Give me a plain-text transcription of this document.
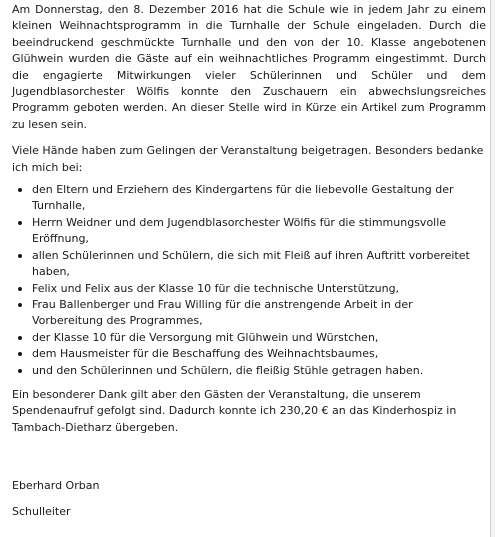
Am Donnerstag, den 8. Dezember 2016 hat die Schule wie in jedem Jahr zu einem kleinen Weihnachtsprogramm in die Turnhalle der Schule eingeladen. Durch die beeindruckend geschmückte Turnhalle und den von der 10. Klasse angebotenen Glühwein wurden die Gäste auf ein weihnachtliches Programm eingestimmt. Durch die engagierte Mitwirkungen vieler Schülerinnen und Schüler und dem Jugendblasorchester Wölfis konnte den Zuschauern ein abwechslungsreiches Programm geboten werden. An dieser Stelle wird in Kürze ein Artikel zum Programm zu lesen sein.

Viele Hände haben zum Gelingen der Veranstaltung beigetragen. Besonders bedanke ich mich bei:

den Eltern und Erziehern des Kindergartens für die liebevolle Gestaltung der Turnhalle,
Herrn Weidner und dem Jugendblasorchester Wölfis für die stimmungsvolle Eröffnung,
allen Schülerinnen und Schülern, die sich mit Fleiß auf ihren Auftritt vorbereitet haben,
Felix und Felix aus der Klasse 10 für die technische Unterstützung,
Frau Ballenberger und Frau Willing für die anstrengende Arbeit in der Vorbereitung des Programmes,
der Klasse 10 für die Versorgung mit Glühwein und Würstchen,
dem Hausmeister für die Beschaffung des Weihnachtsbaumes,
und den Schülerinnen und Schülern, die fleißig Stühle getragen haben.

Ein besonderer Dank gilt aber den Gästen der Veranstaltung, die unserem Spendenaufruf gefolgt sind. Dadurch konnte ich 230,20 € an das Kinderhospiz in Tambach-Dietharz übergeben.

Eberhard Orban

Schulleiter
